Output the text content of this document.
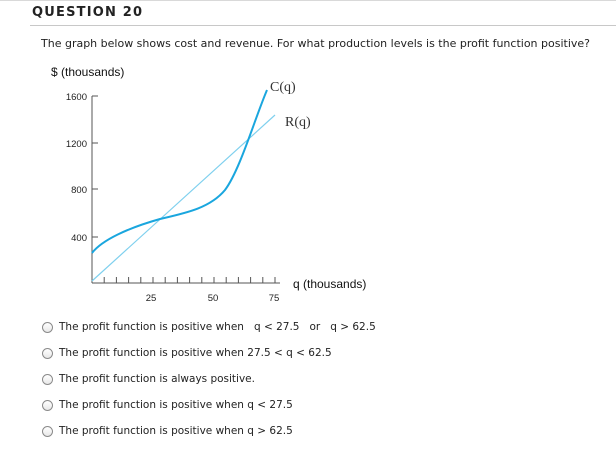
QUESTION 20
The graph below shows cost and revenue. For what production levels is the profit function positive?
$ (thousands)
1600
1200
800
400
25	50	75
q (thousands)
C(q)
R(q)
The profit function is positive when   q < 27.5   or   q > 62.5
The profit function is positive when 27.5 < q < 62.5
The profit function is always positive.
The profit function is positive when q < 27.5
The profit function is positive when q > 62.5
